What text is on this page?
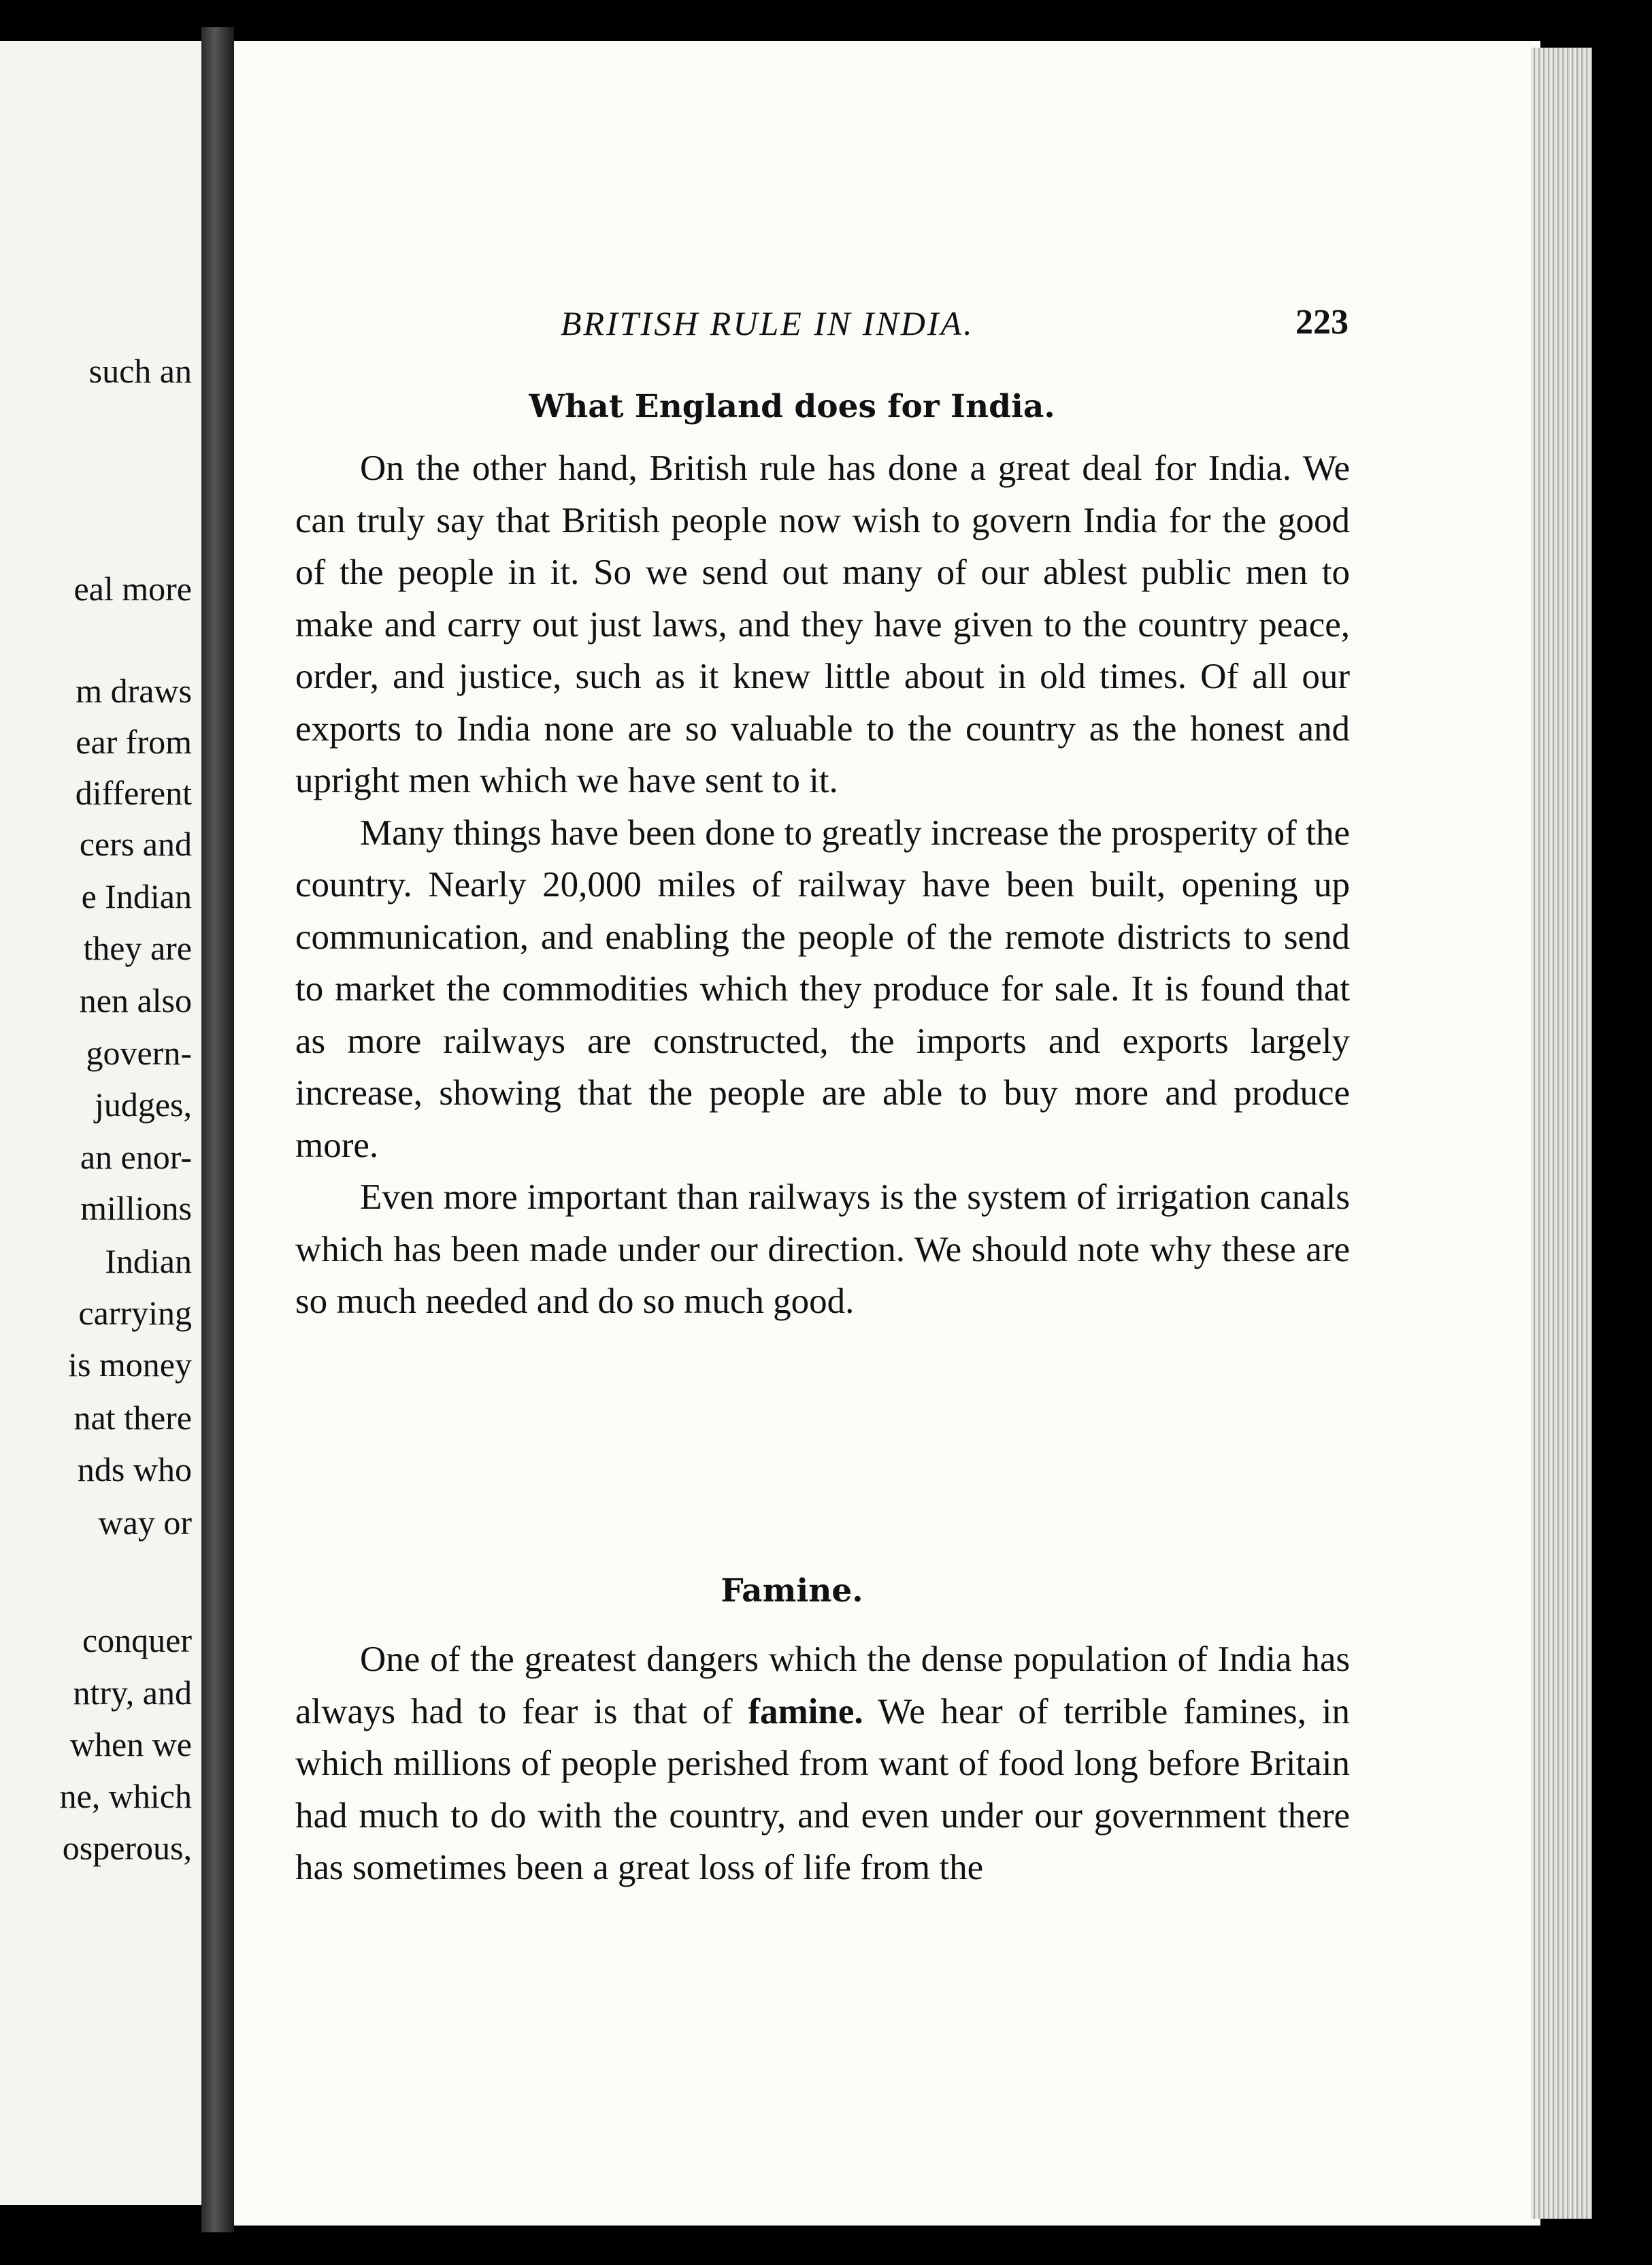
such an
eal more
m draws
ear from
different
cers and
e Indian
they are
nen also
govern-
judges,
an enor-
millions
Indian
carrying
is money
nat there
nds who
way or
conquer
ntry, and
when we
ne, which
osperous,
BRITISH RULE IN INDIA.	223
What England does for India.

On the other hand, British rule has done a great deal for India. We can truly say that British people now wish to govern India for the good of the people in it. So we send out many of our ablest public men to make and carry out just laws, and they have given to the country peace, order, and justice, such as it knew little about in old times. Of all our exports to India none are so valuable to the country as the honest and upright men which we have sent to it.

Many things have been done to greatly increase the prosperity of the country. Nearly 20,000 miles of railway have been built, opening up communication, and enabling the people of the remote districts to send to market the commodities which they produce for sale. It is found that as more railways are constructed, the imports and exports largely increase, showing that the people are able to buy more and produce more.

Even more important than railways is the system of irrigation canals which has been made under our direction. We should note why these are so much needed and do so much good.

Famine.

One of the greatest dangers which the dense population of India has always had to fear is that of famine. We hear of terrible famines, in which millions of people perished from want of food long before Britain had much to do with the country, and even under our government there has sometimes been a great loss of life from the
